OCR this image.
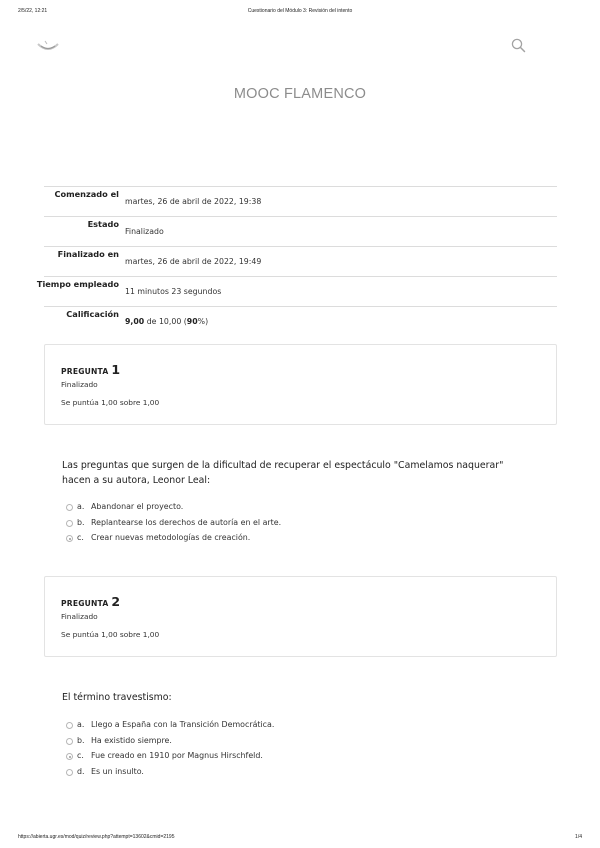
2/5/22, 12:21	Cuestionario del Módulo 3: Revisión del intento
MOOC FLAMENCO
Comenzado el
martes, 26 de abril de 2022, 19:38
Estado
Finalizado
Finalizado en
martes, 26 de abril de 2022, 19:49
Tiempo empleado
11 minutos 23 segundos
Calificación
9,00 de 10,00 (90%)
PREGUNTA 1
Finalizado
Se puntúa 1,00 sobre 1,00
Las preguntas que surgen de la dificultad de recuperar el espectáculo "Camelamos naquerar" hacen a su autora, Leonor Leal:
a. Abandonar el proyecto.
b. Replantearse los derechos de autoría en el arte.
c. Crear nuevas metodologías de creación.
PREGUNTA 2
Finalizado
Se puntúa 1,00 sobre 1,00
El término travestismo:
a. Llego a España con la Transición Democrática.
b. Ha existido siempre.
c. Fue creado en 1910 por Magnus Hirschfeld.
d. Es un insulto.
https://abierta.ugr.es/mod/quiz/review.php?attempt=13602&cmid=2195	1/4
